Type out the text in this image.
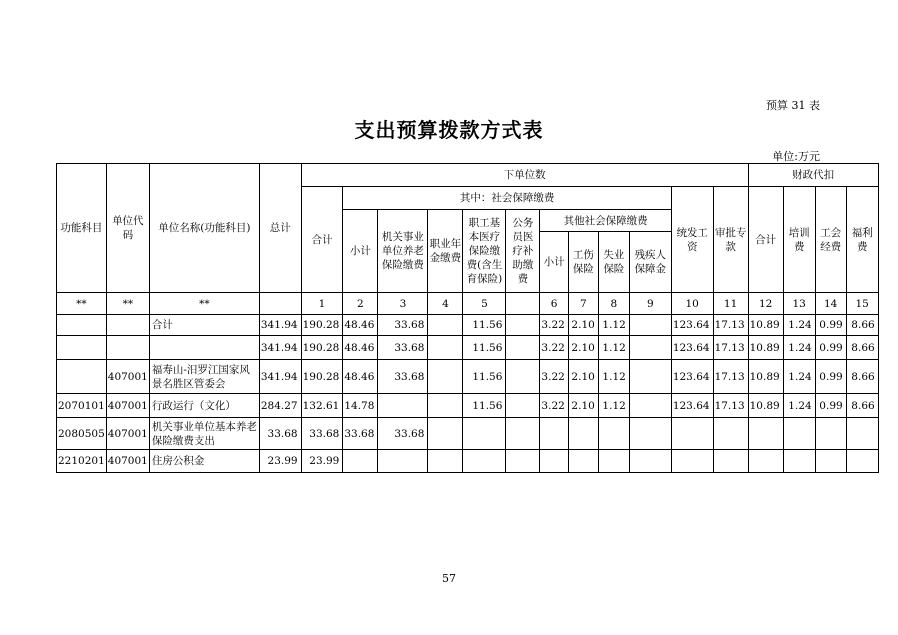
预算 31 表
支出预算拨款方式表
单位:万元
功能科目	单位代码	单位名称(功能科目)	总计	下单位数												财政代扣			
				合计	其中：社会保障缴费									统发工资	审批专款	合计	培训费	工会经费	福利费
					小计	机关事业单位养老保险缴费	职业年金缴费	职工基本医疗保险缴费(含生育保险)	公务员医疗补助缴费	其他社会保障缴费									
										小计	工伤保险	失业保险	残疾人保障金						

**	**	**		1	2	3	4	5		6	7	8	9	10	11	12	13	14	15
		合计	341.94	190.28	48.46	33.68		11.56		3.22	2.10	1.12		123.64	17.13	10.89	1.24	0.99	8.66
			341.94	190.28	48.46	33.68		11.56		3.22	2.10	1.12		123.64	17.13	10.89	1.24	0.99	8.66
	407001	福寿山-汨罗江国家风景名胜区管委会	341.94	190.28	48.46	33.68		11.56		3.22	2.10	1.12		123.64	17.13	10.89	1.24	0.99	8.66
2070101	407001	行政运行（文化）	284.27	132.61	14.78			11.56		3.22	2.10	1.12		123.64	17.13	10.89	1.24	0.99	8.66
2080505	407001	机关事业单位基本养老保险缴费支出	33.68	33.68	33.68	33.68													
2210201	407001	住房公积金	23.99	23.99															
57
